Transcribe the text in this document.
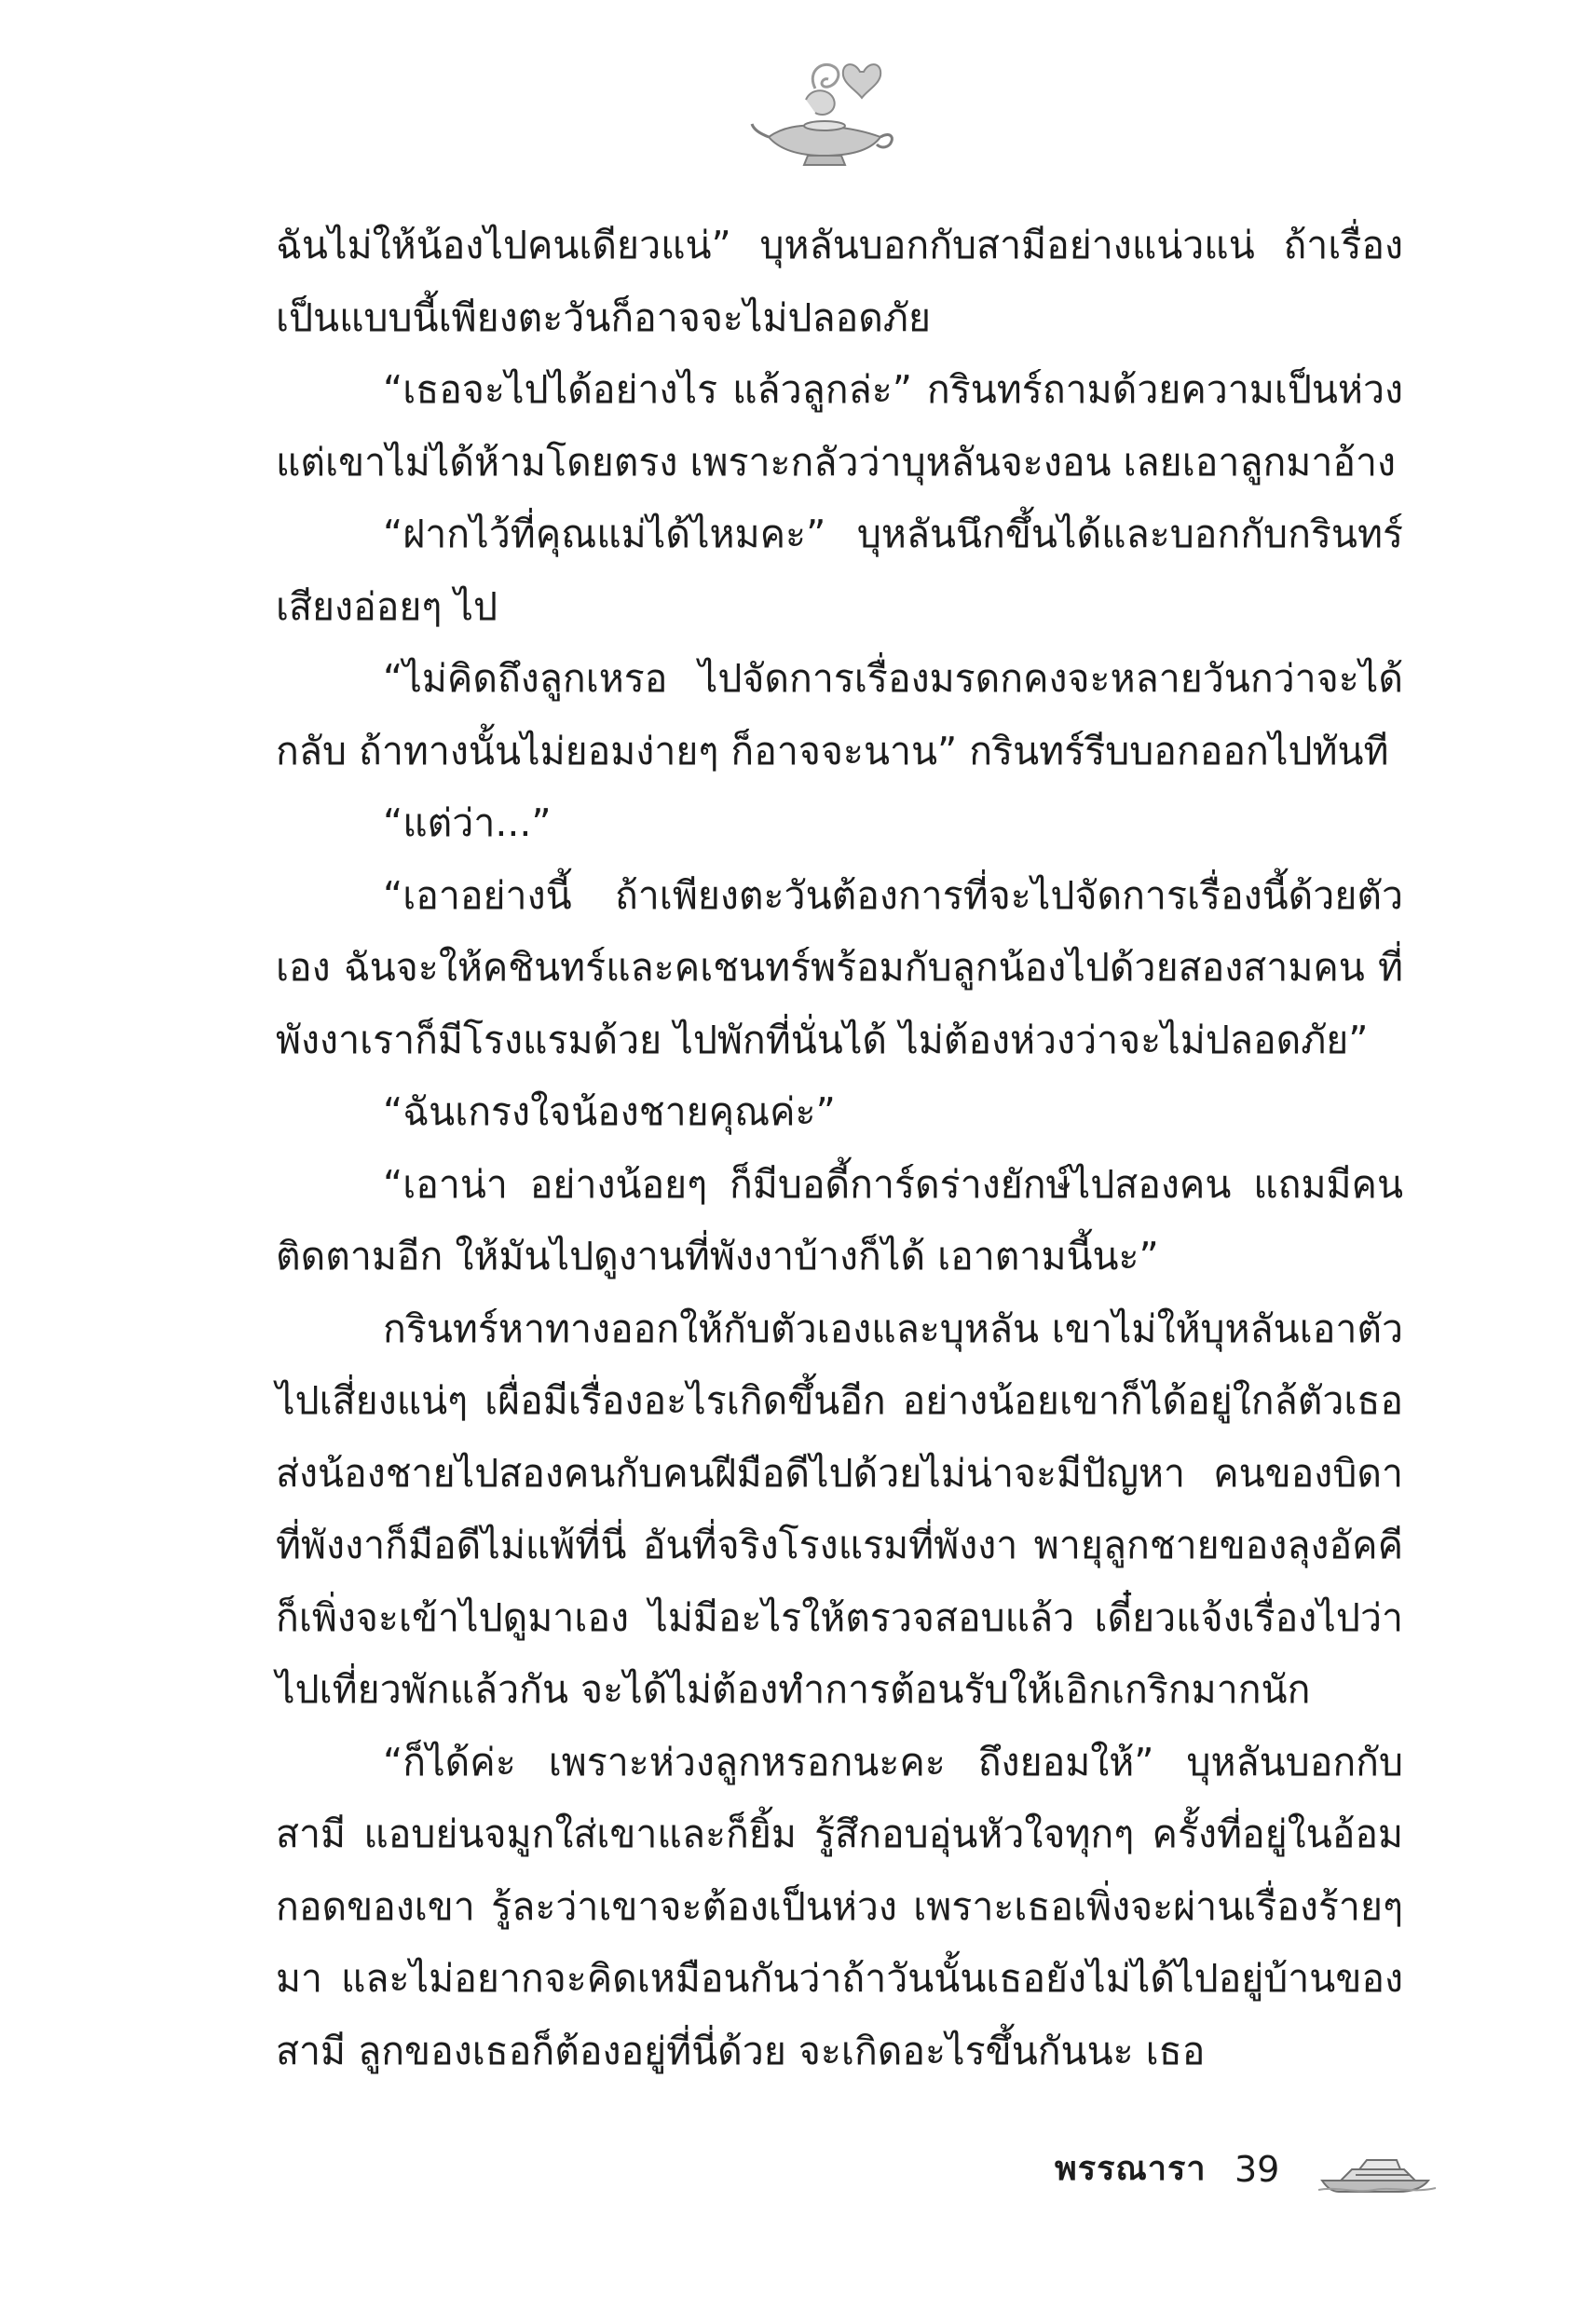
ฉันไม่ให้น้องไปคนเดียวแน่” บุหลันบอกกับสามีอย่างแน่วแน่ ถ้าเรื่องเป็นแบบนี้เพียงตะวันก็อาจจะไม่ปลอดภัย

“เธอจะไปได้อย่างไร แล้วลูกล่ะ” กรินทร์ถามด้วยความเป็นห่วง แต่เขาไม่ได้ห้ามโดยตรง เพราะกลัวว่าบุหลันจะงอน เลยเอาลูกมาอ้าง

“ฝากไว้ที่คุณแม่ได้ไหมคะ” บุหลันนึกขึ้นได้และบอกกับกรินทร์เสียงอ่อยๆ ไป

“ไม่คิดถึงลูกเหรอ ไปจัดการเรื่องมรดกคงจะหลายวันกว่าจะได้กลับ ถ้าทางนั้นไม่ยอมง่ายๆ ก็อาจจะนาน” กรินทร์รีบบอกออกไปทันที

“แต่ว่า...”

“เอาอย่างนี้ ถ้าเพียงตะวันต้องการที่จะไปจัดการเรื่องนี้ด้วยตัวเอง ฉันจะให้คชินทร์และคเชนทร์พร้อมกับลูกน้องไปด้วยสองสามคน ที่พังงาเราก็มีโรงแรมด้วย ไปพักที่นั่นได้ ไม่ต้องห่วงว่าจะไม่ปลอดภัย”

“ฉันเกรงใจน้องชายคุณค่ะ”

“เอาน่า อย่างน้อยๆ ก็มีบอดี้การ์ดร่างยักษ์ไปสองคน แถมมีคนติดตามอีก ให้มันไปดูงานที่พังงาบ้างก็ได้ เอาตามนี้นะ”

กรินทร์หาทางออกให้กับตัวเองและบุหลัน เขาไม่ให้บุหลันเอาตัวไปเสี่ยงแน่ๆ เผื่อมีเรื่องอะไรเกิดขึ้นอีก อย่างน้อยเขาก็ได้อยู่ใกล้ตัวเธอส่งน้องชายไปสองคนกับคนฝีมือดีไปด้วยไม่น่าจะมีปัญหา คนของบิดาที่พังงาก็มือดีไม่แพ้ที่นี่ อันที่จริงโรงแรมที่พังงา พายุลูกชายของลุงอัคคีก็เพิ่งจะเข้าไปดูมาเอง ไม่มีอะไรให้ตรวจสอบแล้ว เดี๋ยวแจ้งเรื่องไปว่าไปเที่ยวพักแล้วกัน จะได้ไม่ต้องทำการต้อนรับให้เอิกเกริกมากนัก

“ก็ได้ค่ะ เพราะห่วงลูกหรอกนะคะ ถึงยอมให้” บุหลันบอกกับสามี แอบย่นจมูกใส่เขาและก็ยิ้ม รู้สึกอบอุ่นหัวใจทุกๆ ครั้งที่อยู่ในอ้อมกอดของเขา รู้ละว่าเขาจะต้องเป็นห่วง เพราะเธอเพิ่งจะผ่านเรื่องร้ายๆ มา และไม่อยากจะคิดเหมือนกันว่าถ้าวันนั้นเธอยังไม่ได้ไปอยู่บ้านของสามี ลูกของเธอก็ต้องอยู่ที่นี่ด้วย จะเกิดอะไรขึ้นกันนะ เธอ

พรรณารา 39
